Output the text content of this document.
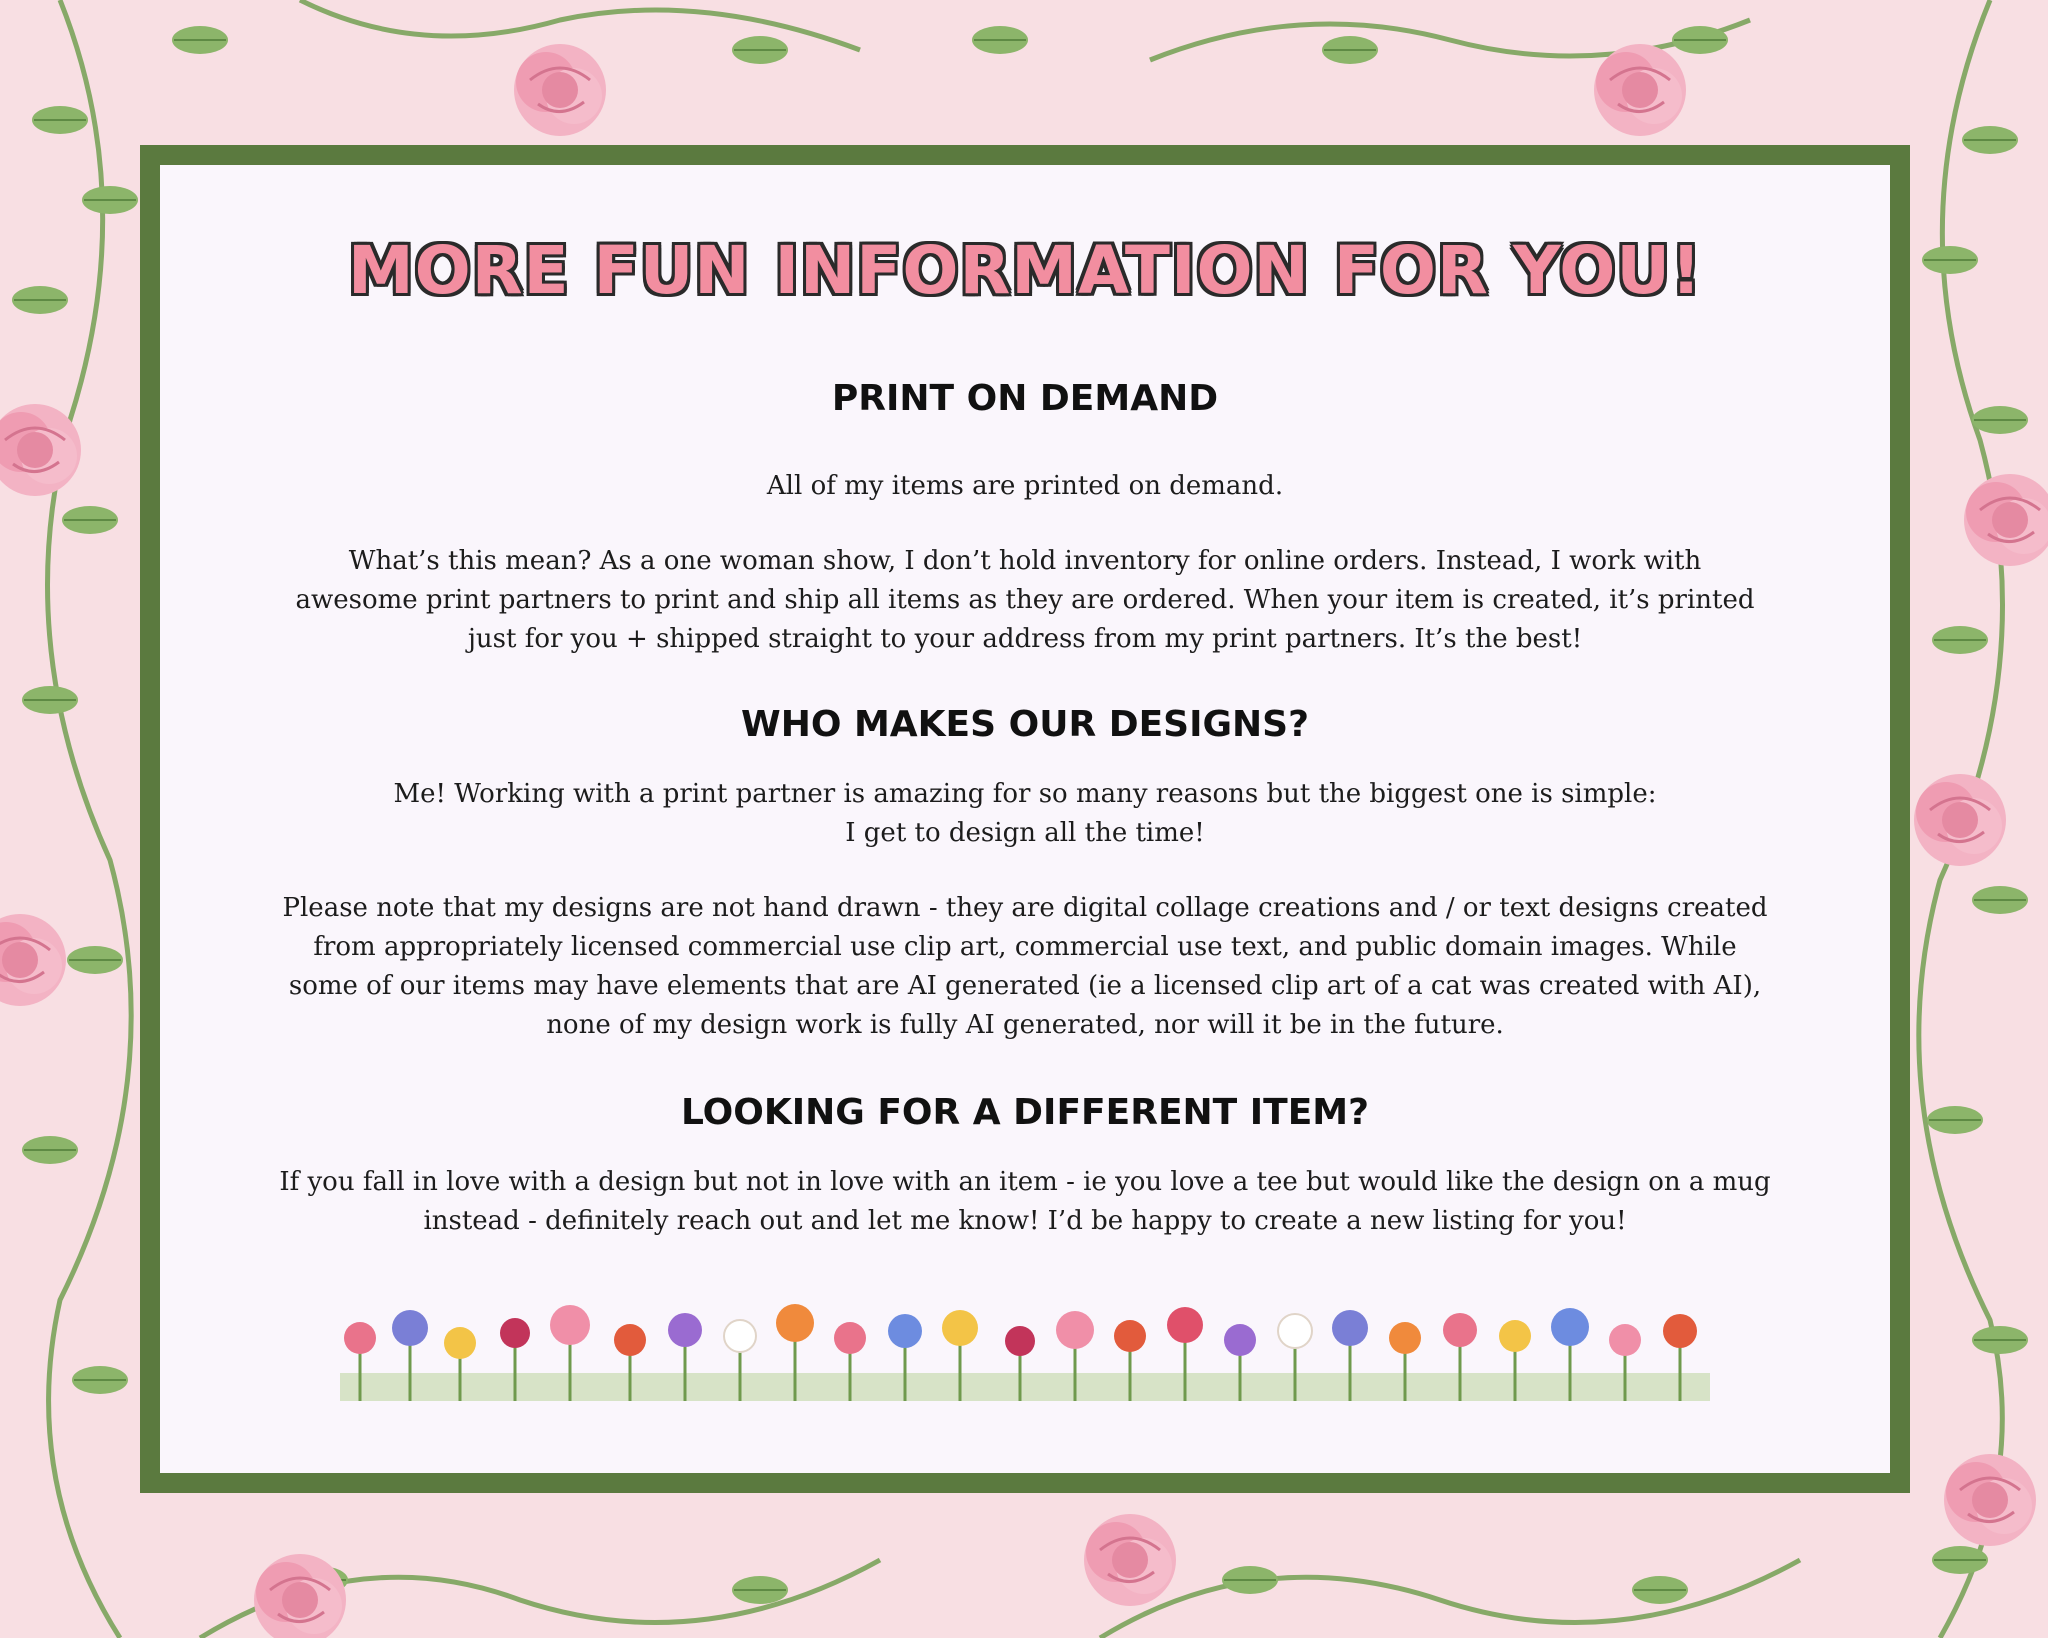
MORE FUN INFORMATION FOR YOU!
PRINT ON DEMAND

All of my items are printed on demand.

What’s this mean? As a one woman show, I don’t hold inventory for online orders. Instead, I work with
awesome print partners to print and ship all items as they are ordered. When your item is created, it’s printed
just for you + shipped straight to your address from my print partners. It’s the best!

WHO MAKES OUR DESIGNS?

Me! Working with a print partner is amazing for so many reasons but the biggest one is simple:
I get to design all the time!

Please note that my designs are not hand drawn - they are digital collage creations and / or text designs created
from appropriately licensed commercial use clip art, commercial use text, and public domain images. While
some of our items may have elements that are AI generated (ie a licensed clip art of a cat was created with AI),
none of my design work is fully AI generated, nor will it be in the future.

LOOKING FOR A DIFFERENT ITEM?

If you fall in love with a design but not in love with an item - ie you love a tee but would like the design on a mug
instead - definitely reach out and let me know! I’d be happy to create a new listing for you!
